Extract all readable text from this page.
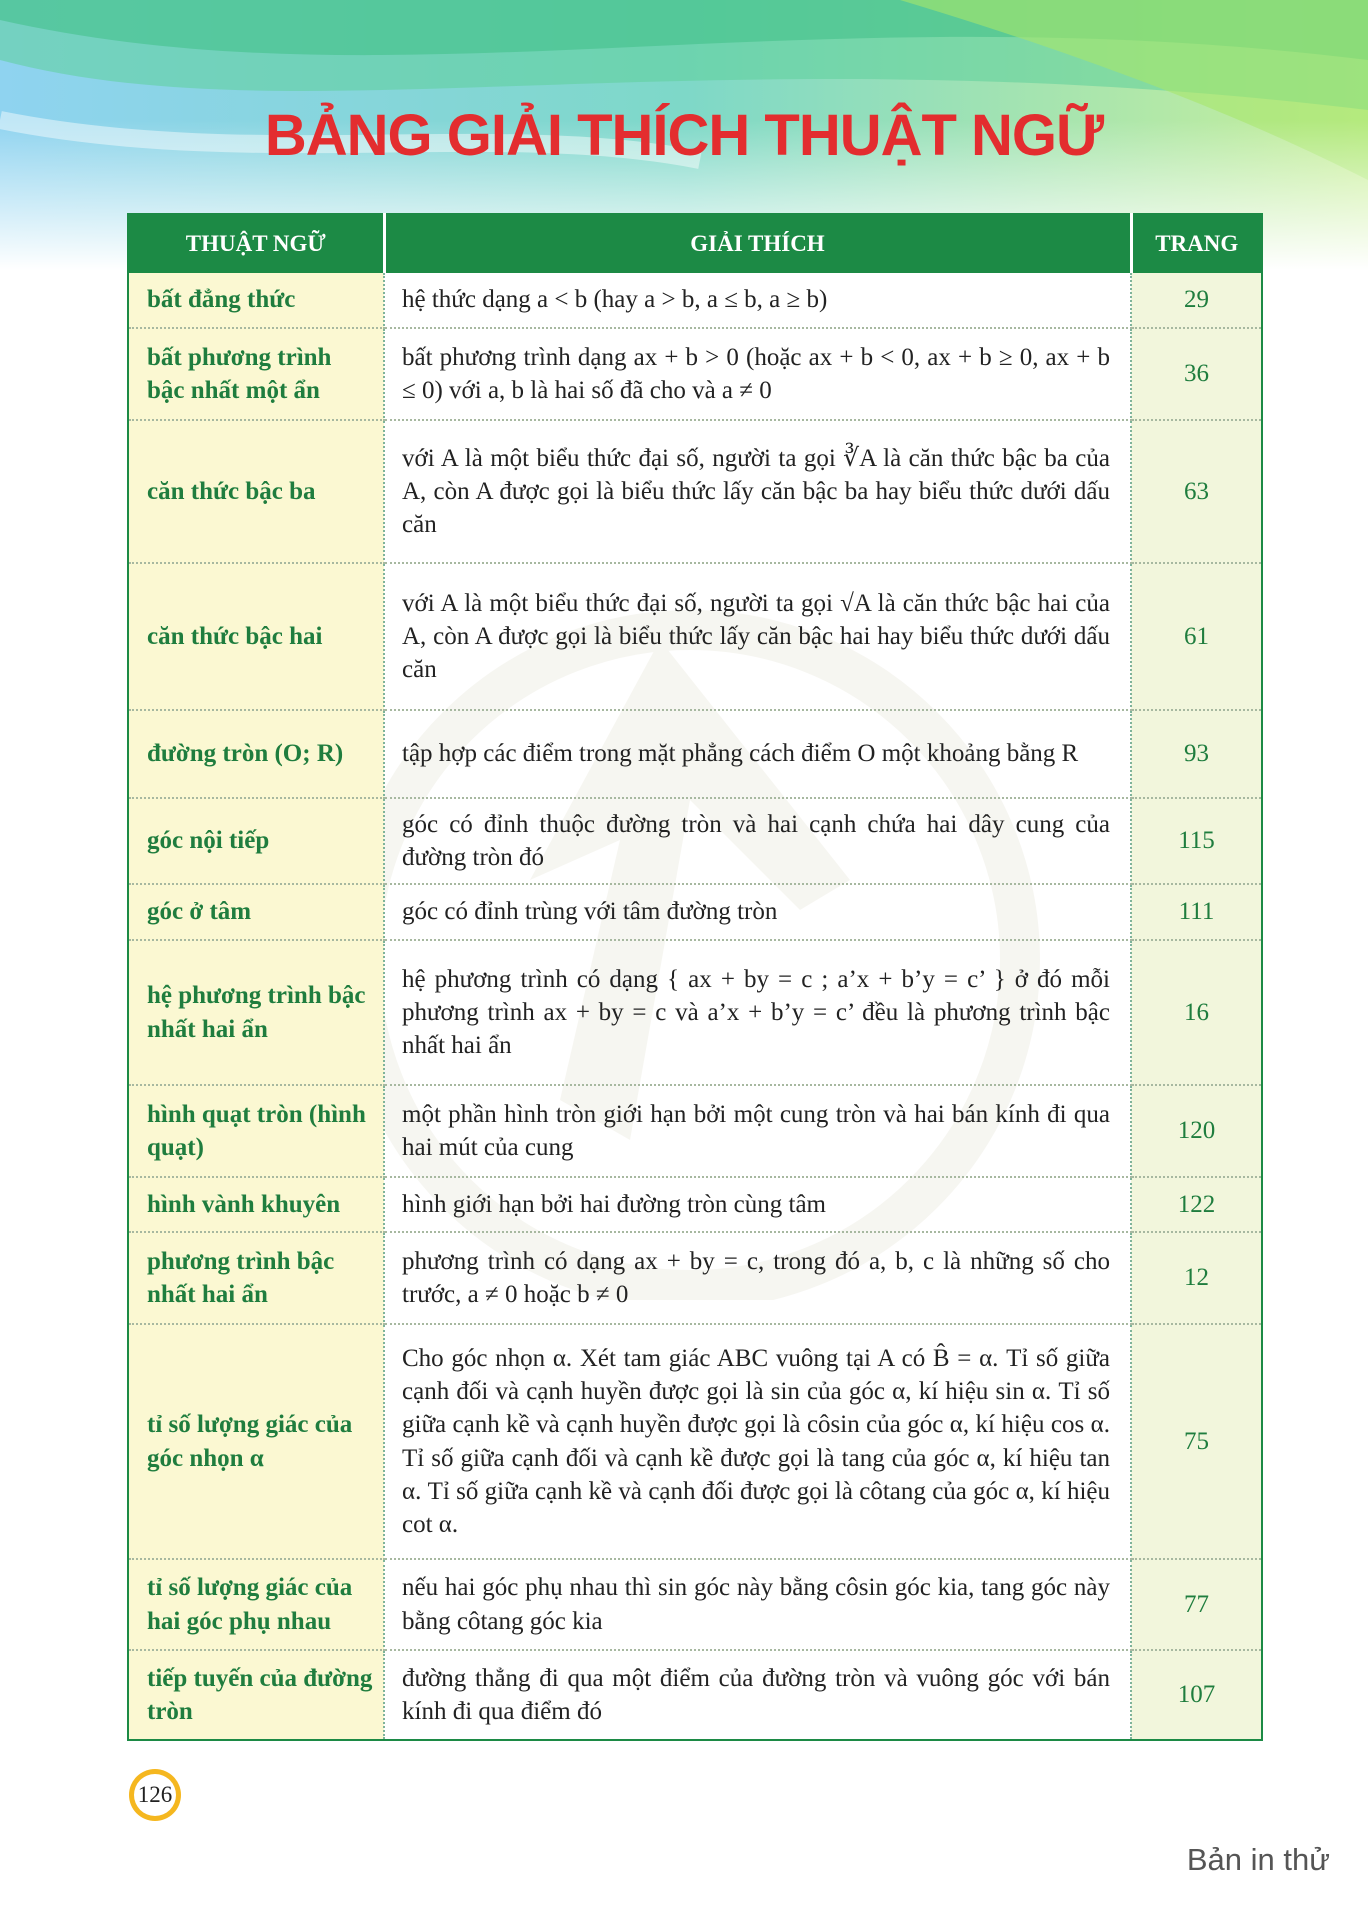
BẢNG GIẢI THÍCH THUẬT NGỮ
THUẬT NGỮ	GIẢI THÍCH	TRANG
bất đẳng thức	hệ thức dạng a < b (hay a > b, a ≤ b, a ≥ b)	29
bất phương trình bậc nhất một ẩn	bất phương trình dạng ax + b > 0 (hoặc ax + b < 0, ax + b ≥ 0, ax + b ≤ 0) với a, b là hai số đã cho và a ≠ 0	36
căn thức bậc ba	với A là một biểu thức đại số, người ta gọi ∛A là căn thức bậc ba của A, còn A được gọi là biểu thức lấy căn bậc ba hay biểu thức dưới dấu căn	63
căn thức bậc hai	với A là một biểu thức đại số, người ta gọi √A là căn thức bậc hai của A, còn A được gọi là biểu thức lấy căn bậc hai hay biểu thức dưới dấu căn	61
đường tròn (O; R)	tập hợp các điểm trong mặt phẳng cách điểm O một khoảng bằng R	93
góc nội tiếp	góc có đỉnh thuộc đường tròn và hai cạnh chứa hai dây cung của đường tròn đó	115
góc ở tâm	góc có đỉnh trùng với tâm đường tròn	111
hệ phương trình bậc nhất hai ẩn	hệ phương trình có dạng { ax + by = c ; a’x + b’y = c’ } ở đó mỗi phương trình ax + by = c và a’x + b’y = c’ đều là phương trình bậc nhất hai ẩn	16
hình quạt tròn (hình quạt)	một phần hình tròn giới hạn bởi một cung tròn và hai bán kính đi qua hai mút của cung	120
hình vành khuyên	hình giới hạn bởi hai đường tròn cùng tâm	122
phương trình bậc nhất hai ẩn	phương trình có dạng ax + by = c, trong đó a, b, c là những số cho trước, a ≠ 0 hoặc b ≠ 0	12
tỉ số lượng giác của góc nhọn α	Cho góc nhọn α. Xét tam giác ABC vuông tại A có B̂ = α. Tỉ số giữa cạnh đối và cạnh huyền được gọi là sin của góc α, kí hiệu sin α. Tỉ số giữa cạnh kề và cạnh huyền được gọi là côsin của góc α, kí hiệu cos α. Tỉ số giữa cạnh đối và cạnh kề được gọi là tang của góc α, kí hiệu tan α. Tỉ số giữa cạnh kề và cạnh đối được gọi là côtang của góc α, kí hiệu cot α.	75
tỉ số lượng giác của hai góc phụ nhau	nếu hai góc phụ nhau thì sin góc này bằng côsin góc kia, tang góc này bằng côtang góc kia	77
tiếp tuyến của đường tròn	đường thẳng đi qua một điểm của đường tròn và vuông góc với bán kính đi qua điểm đó	107
126
Bản in thử
